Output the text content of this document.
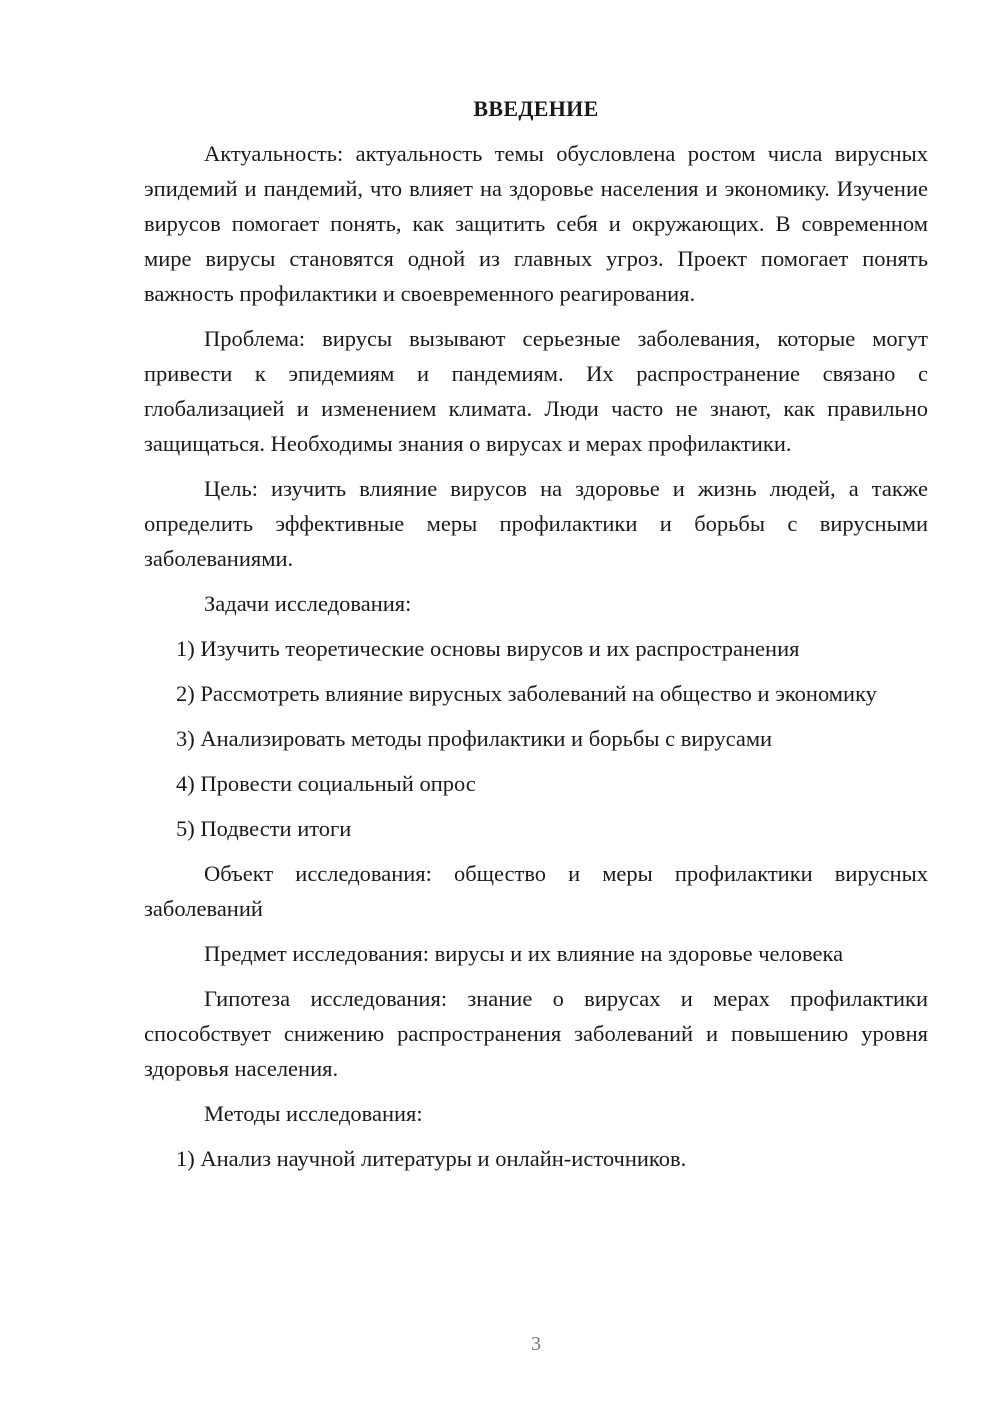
ВВЕДЕНИЕ

Актуальность: актуальность темы обусловлена ростом числа вирусных эпидемий и пандемий, что влияет на здоровье населения и экономику. Изучение вирусов помогает понять, как защитить себя и окружающих. В современном мире вирусы становятся одной из главных угроз. Проект помогает понять важность профилактики и своевременного реагирования.

Проблема: вирусы вызывают серьезные заболевания, которые могут привести к эпидемиям и пандемиям. Их распространение связано с глобализацией и изменением климата. Люди часто не знают, как правильно защищаться. Необходимы знания о вирусах и мерах профилактики.

Цель: изучить влияние вирусов на здоровье и жизнь людей, а также определить эффективные меры профилактики и борьбы с вирусными заболеваниями.

Задачи исследования:

1) Изучить теоретические основы вирусов и их распространения

2) Рассмотреть влияние вирусных заболеваний на общество и экономику

3) Анализировать методы профилактики и борьбы с вирусами

4) Провести социальный опрос

5) Подвести итоги

Объект исследования: общество и меры профилактики вирусных заболеваний

Предмет исследования: вирусы и их влияние на здоровье человека

Гипотеза исследования: знание о вирусах и мерах профилактики способствует снижению распространения заболеваний и повышению уровня здоровья населения.

Методы исследования:

1) Анализ научной литературы и онлайн-источников.

3
